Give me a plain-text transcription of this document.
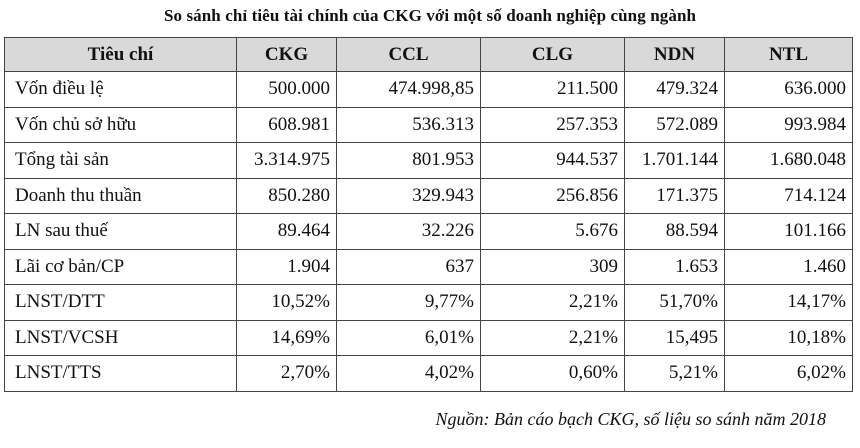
So sánh chỉ tiêu tài chính của CKG với một số doanh nghiệp cùng ngành
Tiêu chí	CKG	CCL	CLG	NDN	NTL
Vốn điều lệ	500.000	474.998,85	211.500	479.324	636.000
Vốn chủ sở hữu	608.981	536.313	257.353	572.089	993.984
Tổng tài sản	3.314.975	801.953	944.537	1.701.144	1.680.048
Doanh thu thuần	850.280	329.943	256.856	171.375	714.124
LN sau thuế	89.464	32.226	5.676	88.594	101.166
Lãi cơ bản/CP	1.904	637	309	1.653	1.460
LNST/DTT	10,52%	9,77%	2,21%	51,70%	14,17%
LNST/VCSH	14,69%	6,01%	2,21%	15,495	10,18%
LNST/TTS	2,70%	4,02%	0,60%	5,21%	6,02%
Nguồn: Bản cáo bạch CKG, số liệu so sánh năm 2018
